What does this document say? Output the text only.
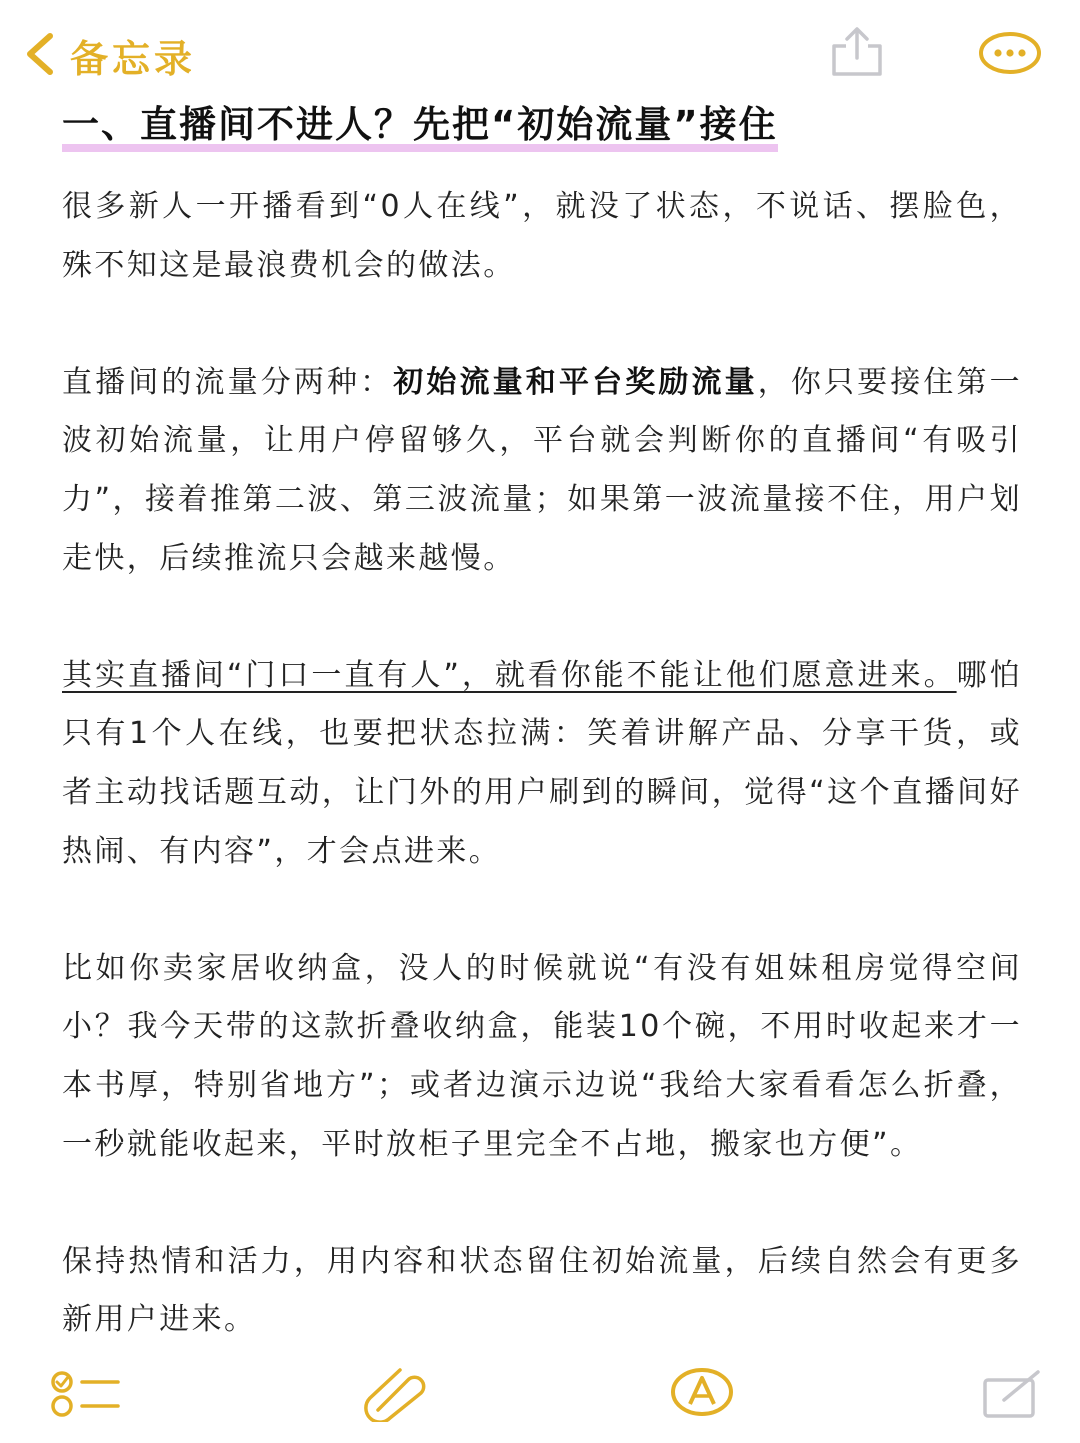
备忘录
一、直播间不进人？先把“初始流量”接住

很多新人一开播看到“0人在线”，就没了状态，不说话、摆脸色，殊不知这是最浪费机会的做法。

直播间的流量分两种：初始流量和平台奖励流量，你只要接住第一波初始流量，让用户停留够久，平台就会判断你的直播间“有吸引力”，接着推第二波、第三波流量；如果第一波流量接不住，用户划走快，后续推流只会越来越慢。

其实直播间“门口一直有人”，就看你能不能让他们愿意进来。哪怕只有1个人在线，也要把状态拉满：笑着讲解产品、分享干货，或者主动找话题互动，让门外的用户刷到的瞬间，觉得“这个直播间好热闹、有内容”，才会点进来。

比如你卖家居收纳盒，没人的时候就说“有没有姐妹租房觉得空间小？我今天带的这款折叠收纳盒，能装10个碗，不用时收起来才一本书厚，特别省地方”；或者边演示边说“我给大家看看怎么折叠，一秒就能收起来，平时放柜子里完全不占地，搬家也方便”。

保持热情和活力，用内容和状态留住初始流量，后续自然会有更多新用户进来。
